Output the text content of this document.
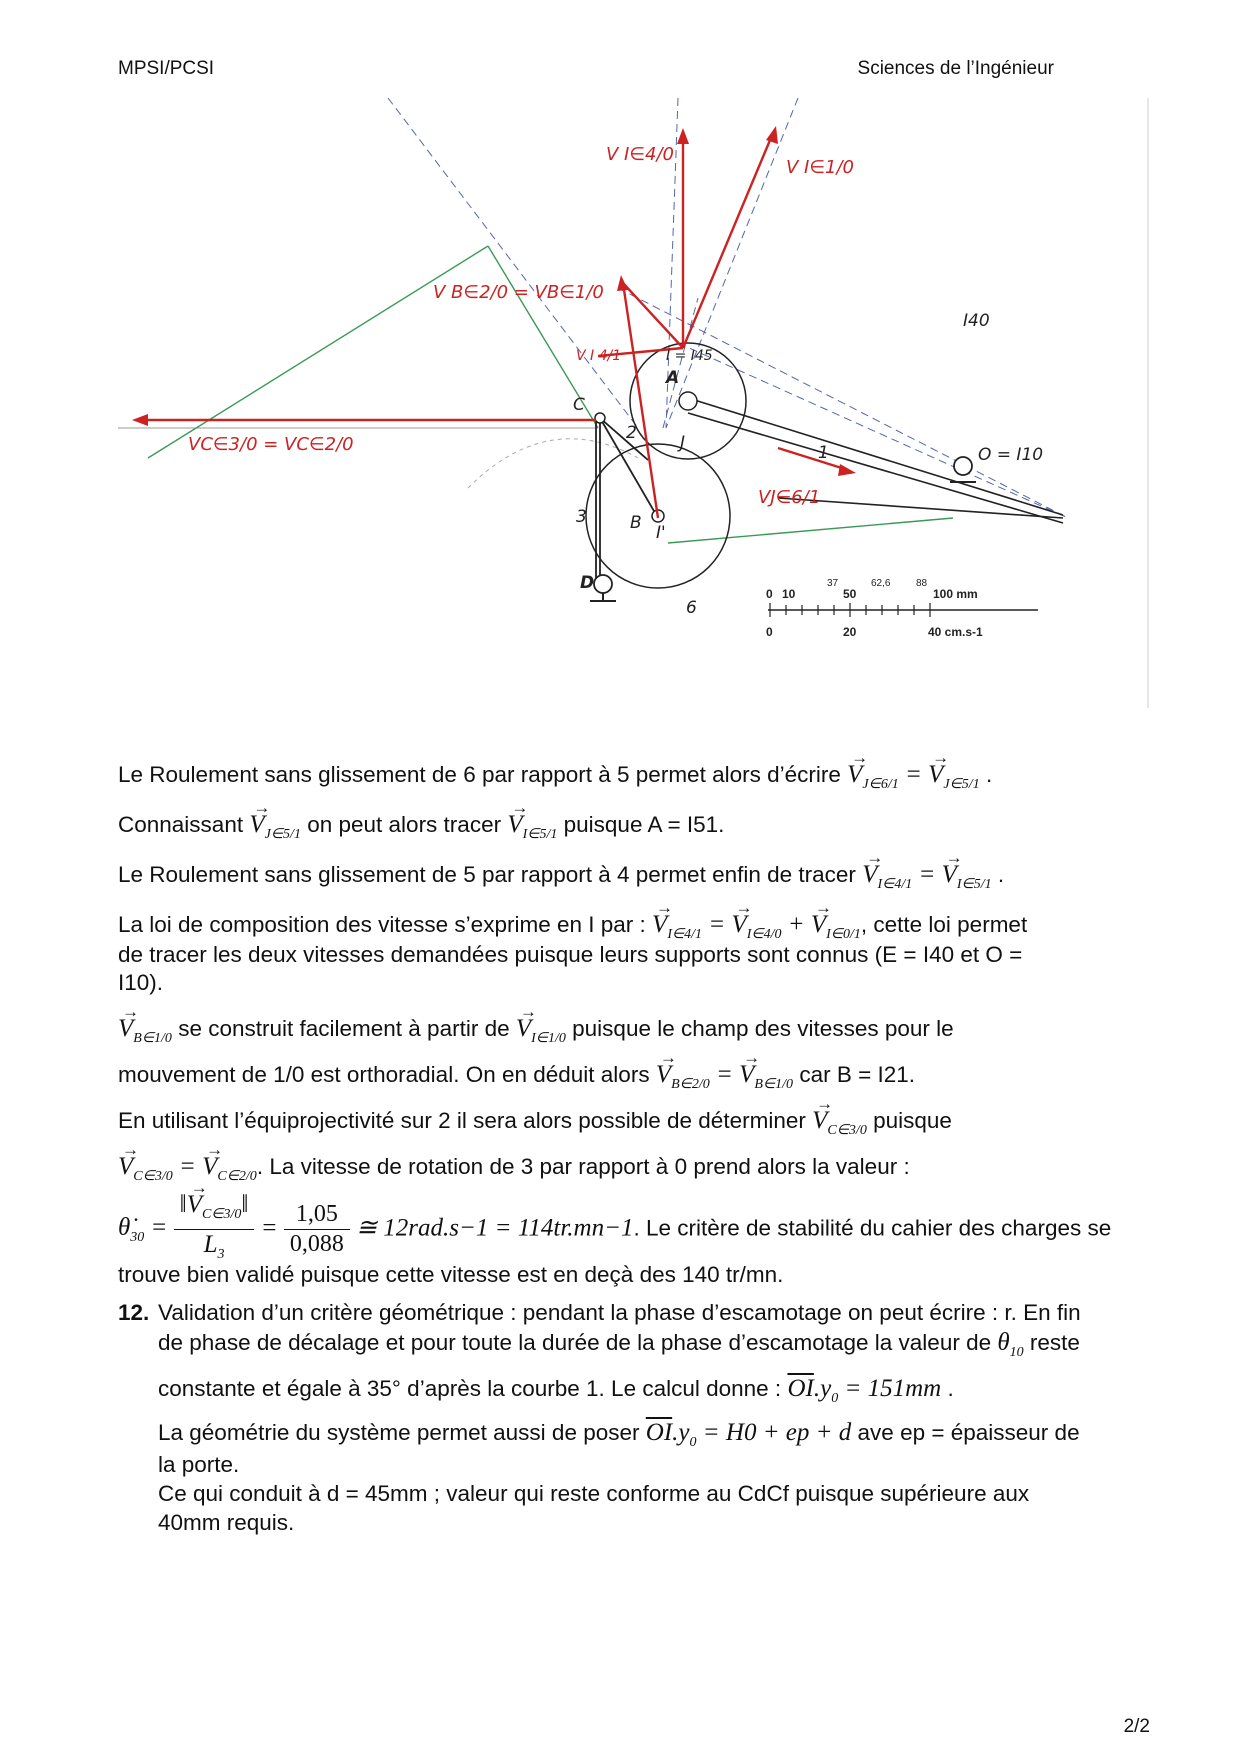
MPSI/PCSI	Sciences de l’Ingénieur
V I∈4/0
V I∈1/0
V B∈2/0 = VB∈1/0
V I 4/1
VC∈3/0 = VC∈2/0
VJ∈6/1
I40
O = I10
I = I45
A
C
B I'
J
D
1
2
3
6
0 10	50	100 mm
37	62,6	88
0	20	40 cm.s-1
Le Roulement sans glissement de 6 par rapport à 5 permet alors d’écrire → $V_{J\in 6/1}$ = → $V_{J\in 5/1}$ .
Connaissant → $V_{J\in 5/1}$ on peut alors tracer → $V_{I\in 5/1}$ puisque A = I51.
Le Roulement sans glissement de 5 par rapport à 4 permet enfin de tracer → $V_{I\in 4/1}$ = → $V_{I\in 5/1}$ .
La loi de composition des vitesse s’exprime en I par : → $V_{I\in 4/1}$ = → $V_{I\in 4/0}$ + → $V_{I\in 0/1}$, cette loi permet
de tracer les deux vitesses demandées puisque leurs supports sont connus (E = I40 et O =
I10).
→ $V_{B\in 1/0}$ se construit facilement à partir de → $V_{I\in 1/0}$ puisque le champ des vitesses pour le
mouvement de 1/0 est orthoradial. On en déduit alors → $V_{B\in 2/0}$ = → $V_{B\in 1/0}$ car B = I21.
En utilisant l’équiprojectivité sur 2 il sera alors possible de déterminer → $V_{C\in 3/0}$ puisque
→ $V_{C\in 3/0}$ = → $V_{C\in 2/0}$. La vitesse de rotation de 3 par rapport à 0 prend alors la valeur :
$\thetȧ_{30} = \frac{‖\to V_{C\in 3/0}‖}{L_3} = \frac{1,05}{0,088}$ ≅ 12rad.s−1 = 114tr.mn−1. Le critère de stabilité du cahier des charges se
trouve bien validé puisque cette vitesse est en deçà des 140 tr/mn.
12. Validation d’un critère géométrique : pendant la phase d’escamotage on peut écrire : r. En fin
de phase de décalage et pour toute la durée de la phase d’escamotage la valeur de $\theta_{10}$ reste
constante et égale à 35° d’après la courbe 1. Le calcul donne : $\overline{OI}.y_0 = 151mm$ .
La géométrie du système permet aussi de poser $\overline{OI}.y_0 = H0$ + ep + d ave ep = épaisseur de
la porte.
Ce qui conduit à d = 45mm ; valeur qui reste conforme au CdCf puisque supérieure aux
40mm requis.
2/2
